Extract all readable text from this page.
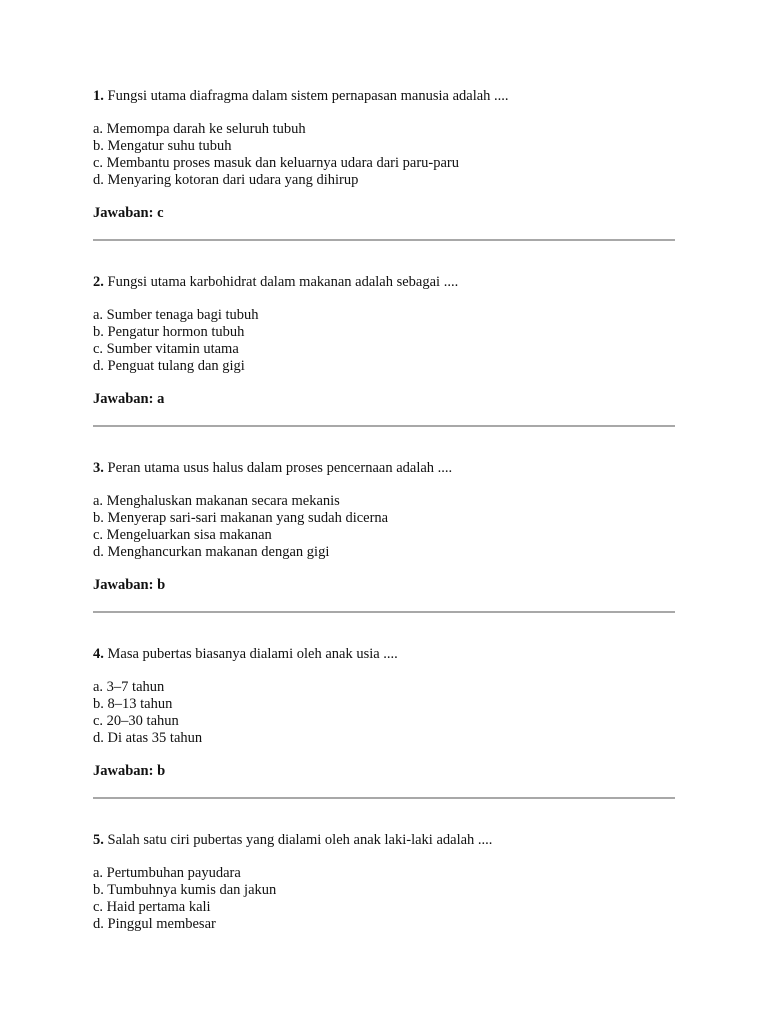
1. Fungsi utama diafragma dalam sistem pernapasan manusia adalah ....

a. Memompa darah ke seluruh tubuh

b. Mengatur suhu tubuh

c. Membantu proses masuk dan keluarnya udara dari paru-paru

d. Menyaring kotoran dari udara yang dihirup

Jawaban: c

2. Fungsi utama karbohidrat dalam makanan adalah sebagai ....

a. Sumber tenaga bagi tubuh

b. Pengatur hormon tubuh

c. Sumber vitamin utama

d. Penguat tulang dan gigi

Jawaban: a

3. Peran utama usus halus dalam proses pencernaan adalah ....

a. Menghaluskan makanan secara mekanis

b. Menyerap sari-sari makanan yang sudah dicerna

c. Mengeluarkan sisa makanan

d. Menghancurkan makanan dengan gigi

Jawaban: b

4. Masa pubertas biasanya dialami oleh anak usia ....

a. 3–7 tahun

b. 8–13 tahun

c. 20–30 tahun

d. Di atas 35 tahun

Jawaban: b

5. Salah satu ciri pubertas yang dialami oleh anak laki-laki adalah ....

a. Pertumbuhan payudara

b. Tumbuhnya kumis dan jakun

c. Haid pertama kali

d. Pinggul membesar
